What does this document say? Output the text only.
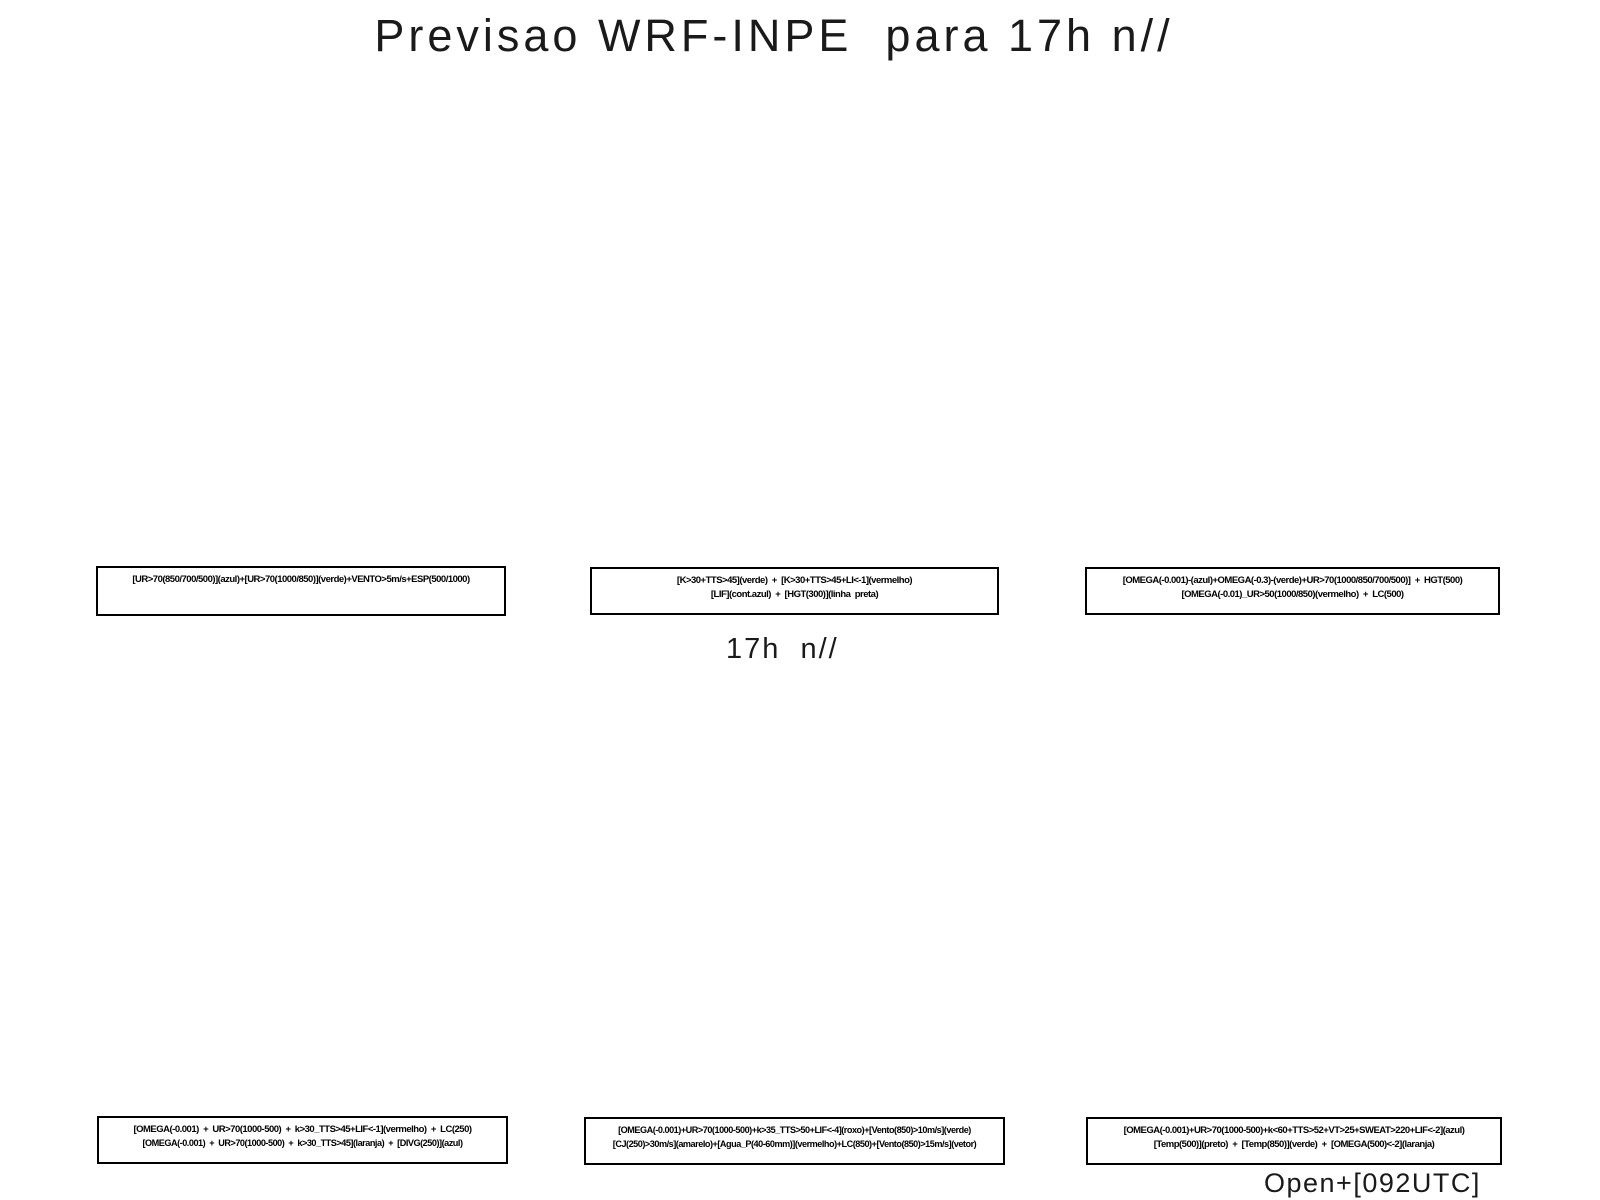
Previsao WRF-INPE  para 17h n//
[UR>70(850/700/500)](azul)+[UR>70(1000/850)](verde)+VENTO>5m/s+ESP(500/1000)	[K>30+TTS>45](verde)  +  [K>30+TTS>45+LI<-1](vermelho)
[LIF](cont.azul)  +  [HGT(300)](linha  preta)
[OMEGA(-0.001)-(azul)+OMEGA(-0.3)-(verde)+UR>70(1000/850/700/500)]  +  HGT(500)
[OMEGA(-0.01)_UR>50(1000/850)(vermelho)  +  LC(500)
17h  n//
[OMEGA(-0.001)  +  UR>70(1000-500)  +  k>30_TTS>45+LIF<-1](vermelho)  +  LC(250)
[OMEGA(-0.001)  +  UR>70(1000-500)  +  k>30_TTS>45](laranja)  +  [DIVG(250)](azul)
[OMEGA(-0.001)+UR>70(1000-500)+k>35_TTS>50+LIF<-4](roxo)+[Vento(850)>10m/s](verde)
[CJ(250)>30m/s](amarelo)+[Agua_P(40-60mm)](vermelho)+LC(850)+[Vento(850)>15m/s](vetor)
[OMEGA(-0.001)+UR>70(1000-500)+k<60+TTS>52+VT>25+SWEAT>220+LIF<-2](azul)
[Temp(500)](preto)  +  [Temp(850)](verde)  +  [OMEGA(500)<-2](laranja)
Open+[092UTC]
